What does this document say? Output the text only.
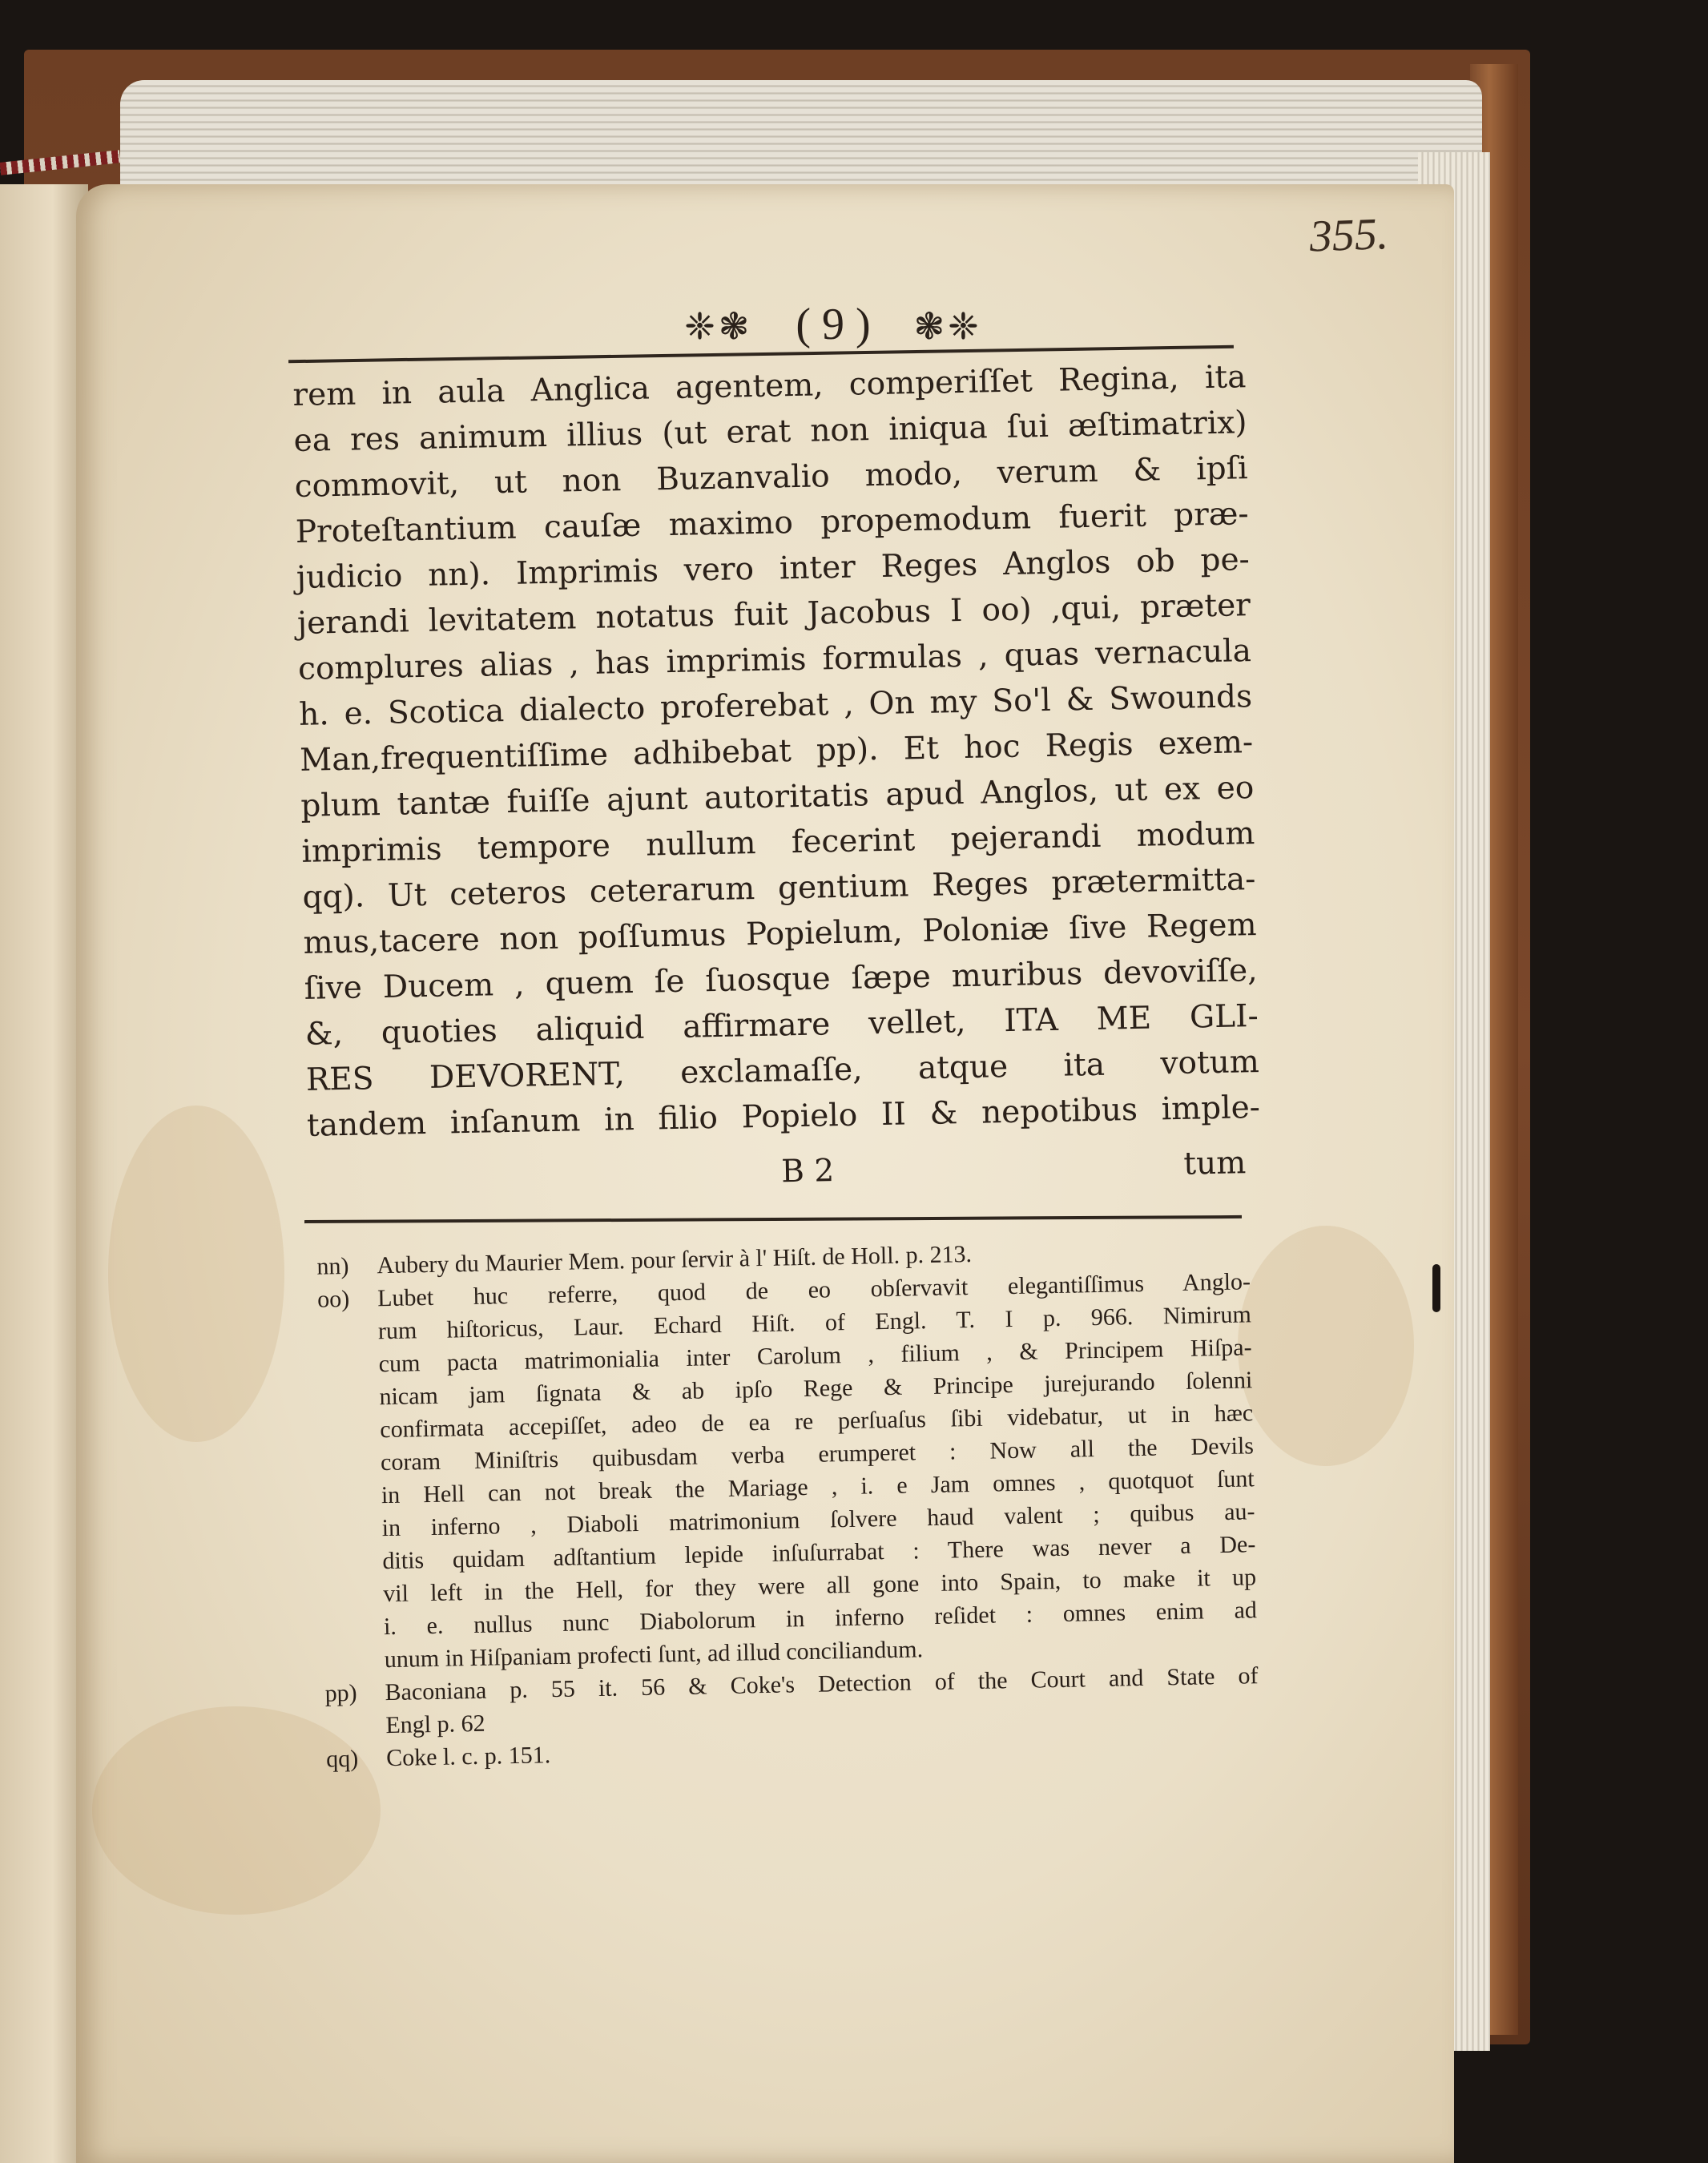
355.
❈❃ ( 9 ) ❃❈
rem in aula Anglica agentem, comperiſſet Regina, ita
ea res animum illius (ut erat non iniqua ſui æſtimatrix)
commovit, ut non Buzanvalio modo, verum & ipſi
Proteſtantium cauſæ maximo propemodum fuerit præ-
judicio nn). Imprimis vero inter Reges Anglos ob pe-
jerandi levitatem notatus fuit Jacobus I oo) ,qui, præter
complures alias , has imprimis formulas , quas vernacula
h. e. Scotica dialecto proferebat , On my So'l & Swounds
Man,frequentiſſime adhibebat pp). Et hoc Regis exem-
plum tantæ fuiſſe ajunt autoritatis apud Anglos, ut ex eo
imprimis tempore nullum fecerint pejerandi modum
qq). Ut ceteros ceterarum gentium Reges prætermitta-
mus,tacere non poſſumus Popielum, Poloniæ ſive Regem
ſive Ducem , quem ſe ſuosque ſæpe muribus devoviſſe,
&, quoties aliquid affirmare vellet, ITA ME GLI-
RES DEVORENT, exclamaſſe, atque ita votum
tandem inſanum in filio Popielo II & nepotibus imple-
B 2	tum
nn) Aubery du Maurier Mem. pour ſervir à l' Hiſt. de Holl. p. 213.
oo) Lubet huc referre, quod de eo obſervavit elegantiſſimus Anglo-
rum hiſtoricus, Laur. Echard Hiſt. of Engl. T. I p. 966. Nimirum
cum pacta matrimonialia inter Carolum , filium , & Principem Hiſpa-
nicam jam ſignata & ab ipſo Rege & Principe jurejurando ſolenni
confirmata accepiſſet, adeo de ea re perſuaſus ſibi videbatur, ut in hæc
coram Miniſtris quibusdam verba erumperet : Now all the Devils
in Hell can not break the Mariage , i. e Jam omnes , quotquot ſunt
in inferno , Diaboli matrimonium ſolvere haud valent ; quibus au-
ditis quidam adſtantium lepide inſuſurrabat : There was never a De-
vil left in the Hell, for they were all gone into Spain, to make it up
i. e. nullus nunc Diabolorum in inferno reſidet : omnes enim ad
unum in Hiſpaniam profecti ſunt, ad illud conciliandum.
pp) Baconiana p. 55 it. 56 & Coke's Detection of the Court and State of
Engl p. 62
qq) Coke l. c. p. 151.
